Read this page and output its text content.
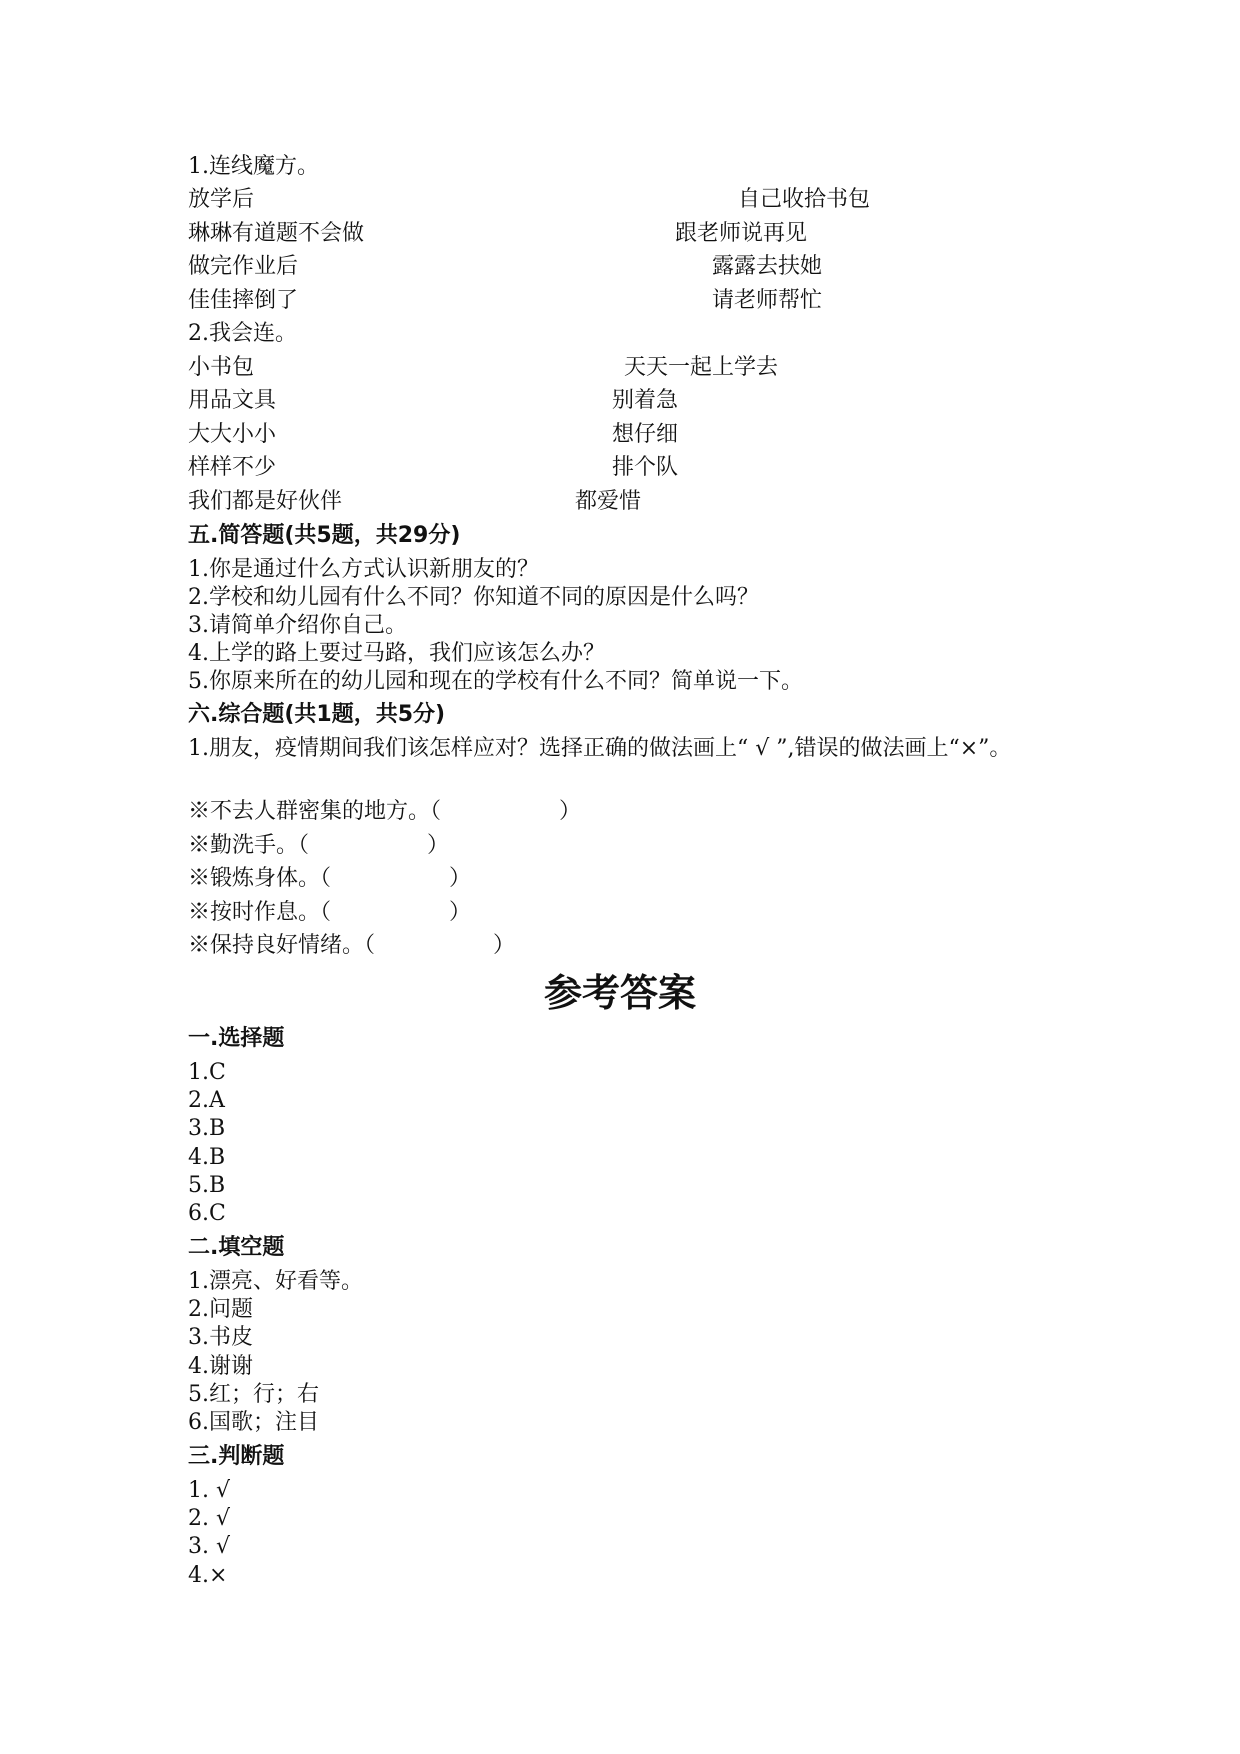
1.连线魔方。
放学后	自己收拾书包
琳琳有道题不会做	跟老师说再见
做完作业后	露露去扶她
佳佳摔倒了	请老师帮忙
2.我会连。
小书包	天天一起上学去
用品文具	别着急
大大小小	想仔细
样样不少	排个队
我们都是好伙伴	都爱惜
五.简答题(共5题，共29分)
1.你是通过什么方式认识新朋友的？
2.学校和幼儿园有什么不同？你知道不同的原因是什么吗？
3.请简单介绍你自己。
4.上学的路上要过马路，我们应该怎么办？
5.你原来所在的幼儿园和现在的学校有什么不同？简单说一下。
六.综合题(共1题，共5分)
1.朋友，疫情期间我们该怎样应对？选择正确的做法画上“ √ ”,错误的做法画上“×”。
※不去人群密集的地方。（	）
※勤洗手。（	）
※锻炼身体。（	）
※按时作息。（	）
※保持良好情绪。（	）
参考答案
一.选择题
1.C
2.A
3.B
4.B
5.B
6.C
二.填空题
1.漂亮、好看等。
2.问题
3.书皮
4.谢谢
5.红；行；右
6.国歌；注目
三.判断题
1. √
2. √
3. √
4.×
